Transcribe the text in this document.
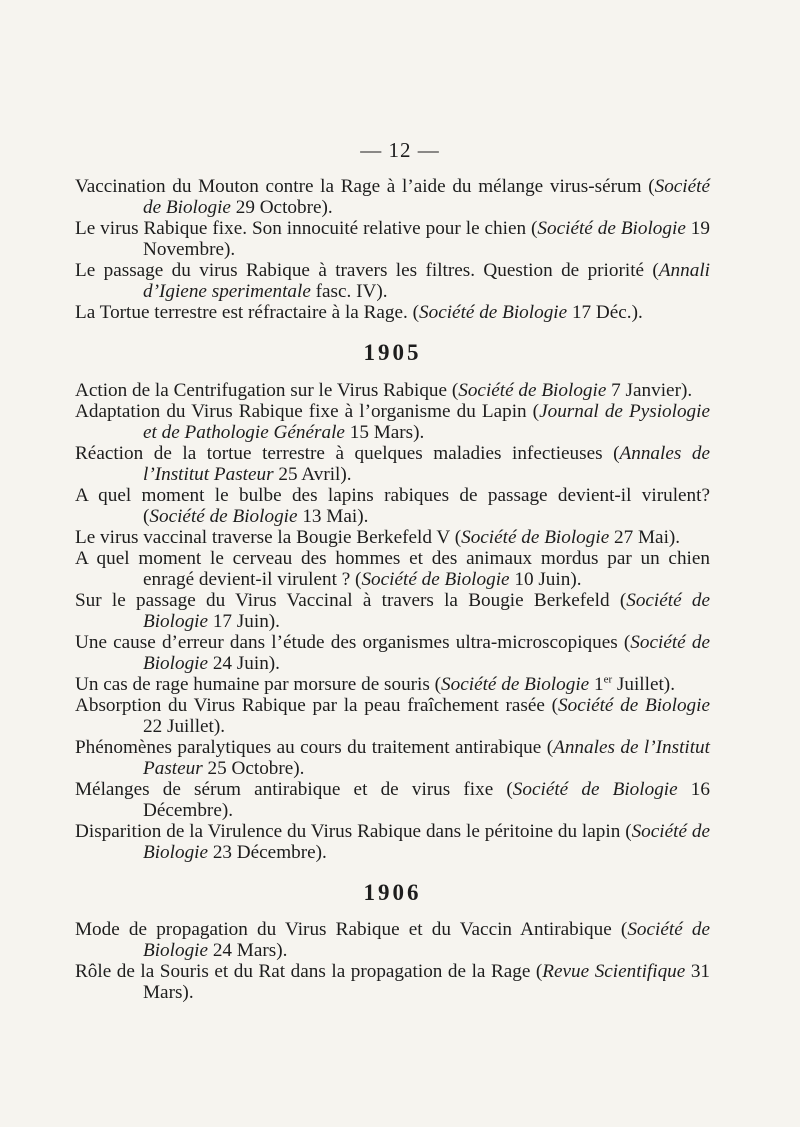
— 12 —
Vaccination du Mouton contre la Rage à l’aide du mélange virus-sérum (Société de Biologie 29 Octobre).
Le virus Rabique fixe. Son innocuité relative pour le chien (Société de Biologie 19 Novembre).
Le passage du virus Rabique à travers les filtres. Question de priorité (Annali d’Igiene sperimentale fasc. IV).
La Tortue terrestre est réfractaire à la Rage. (Société de Biologie 17 Déc.).
1905
Action de la Centrifugation sur le Virus Rabique (Société de Biologie 7 Janvier).
Adaptation du Virus Rabique fixe à l’organisme du Lapin (Journal de Pysiologie et de Pathologie Générale 15 Mars).
Réaction de la tortue terrestre à quelques maladies infectieuses (Annales de l’Institut Pasteur 25 Avril).
A quel moment le bulbe des lapins rabiques de passage devient-il virulent? (Société de Biologie 13 Mai).
Le virus vaccinal traverse la Bougie Berkefeld V (Société de Biologie 27 Mai).
A quel moment le cerveau des hommes et des animaux mordus par un chien enragé devient-il virulent ? (Société de Biologie 10 Juin).
Sur le passage du Virus Vaccinal à travers la Bougie Berkefeld (Société de Biologie 17 Juin).
Une cause d’erreur dans l’étude des organismes ultra-microscopiques (Société de Biologie 24 Juin).
Un cas de rage humaine par morsure de souris (Société de Biologie 1er Juillet).
Absorption du Virus Rabique par la peau fraîchement rasée (Société de Biologie 22 Juillet).
Phénomènes paralytiques au cours du traitement antirabique (Annales de l’Institut Pasteur 25 Octobre).
Mélanges de sérum antirabique et de virus fixe (Société de Biologie 16 Décembre).
Disparition de la Virulence du Virus Rabique dans le péritoine du lapin (Société de Biologie 23 Décembre).
1906
Mode de propagation du Virus Rabique et du Vaccin Antirabique (Société de Biologie 24 Mars).
Rôle de la Souris et du Rat dans la propagation de la Rage (Revue Scientifique 31 Mars).
